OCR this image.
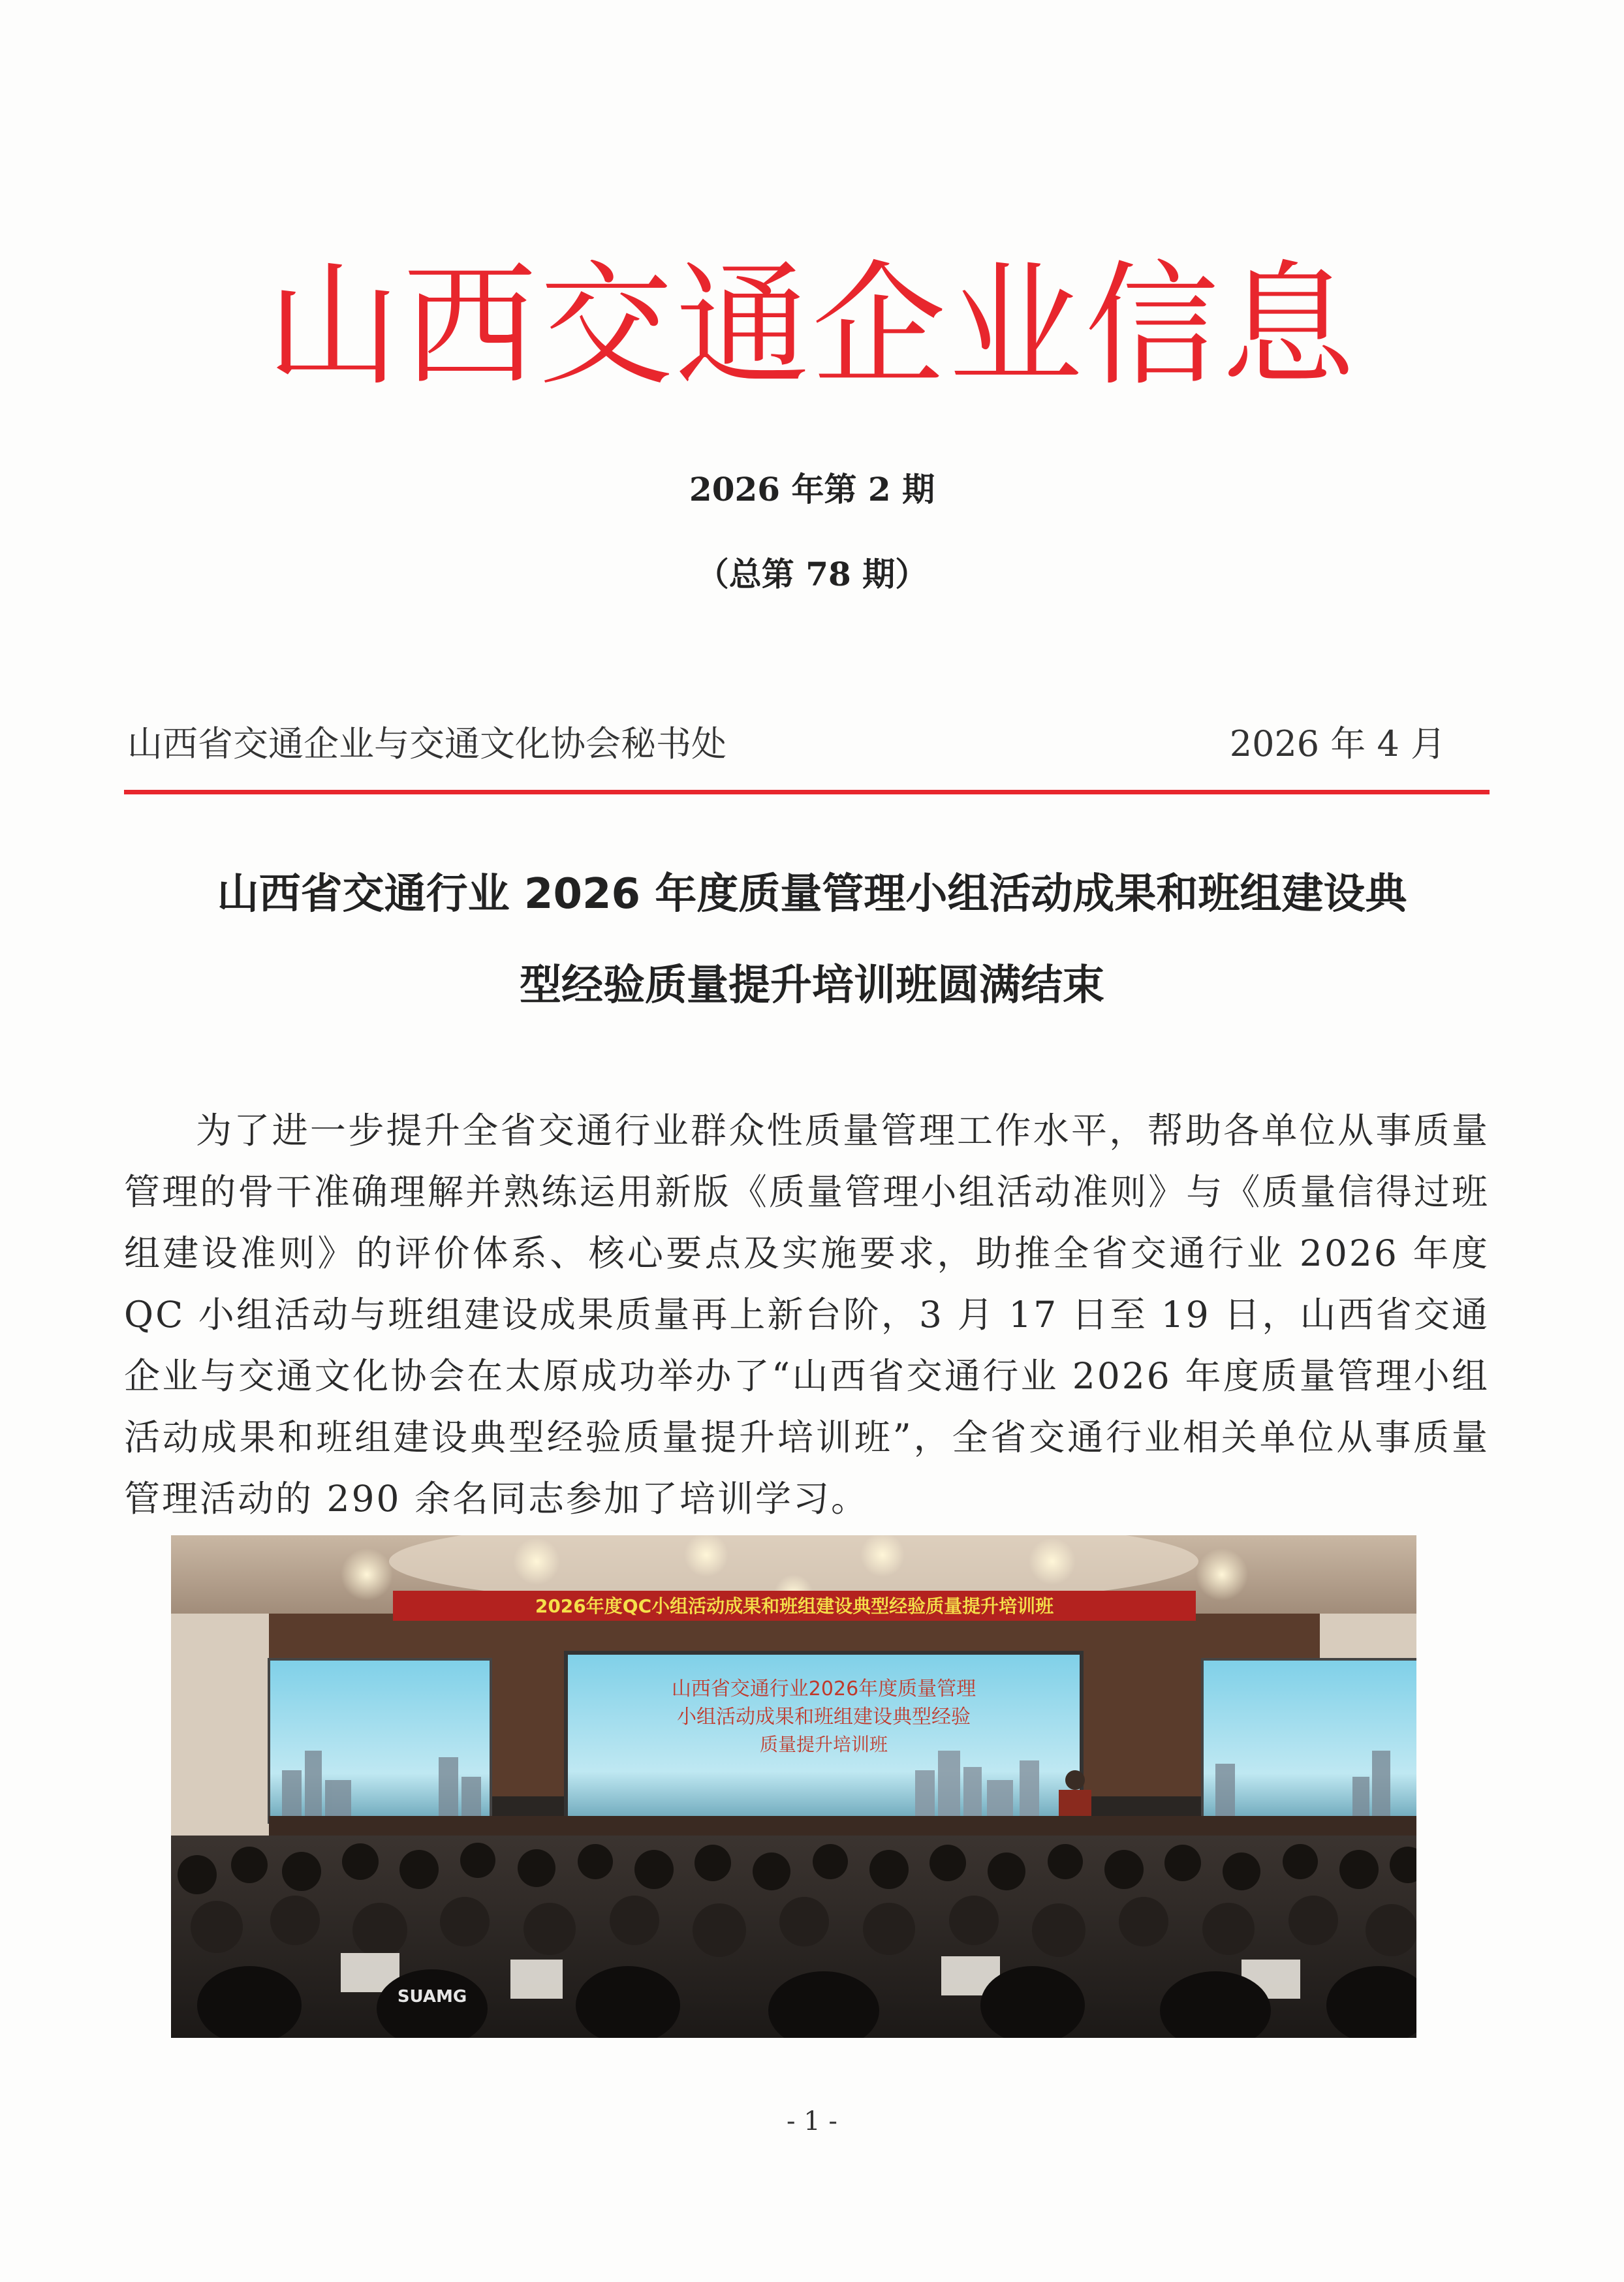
山西交通企业信息
2026 年第 2 期
（总第 78 期）
山西省交通企业与交通文化协会秘书处	2026 年 4 月
山西省交通行业 2026 年度质量管理小组活动成果和班组建设典
型经验质量提升培训班圆满结束
为了进一步提升全省交通行业群众性质量管理工作水平，帮助各单位从事质量管理的骨干准确理解并熟练运用新版《质量管理小组活动准则》与《质量信得过班组建设准则》的评价体系、核心要点及实施要求，助推全省交通行业 2026 年度 QC 小组活动与班组建设成果质量再上新台阶，3 月 17 日至 19 日，山西省交通企业与交通文化协会在太原成功举办了“山西省交通行业 2026 年度质量管理小组活动成果和班组建设典型经验质量提升培训班”，全省交通行业相关单位从事质量管理活动的 290 余名同志参加了培训学习。
2026年度QC小组活动成果和班组建设典型经验质量提升培训班
山西省交通行业2026年度质量管理
小组活动成果和班组建设典型经验
质量提升培训班
SUAMG
- 1 -
